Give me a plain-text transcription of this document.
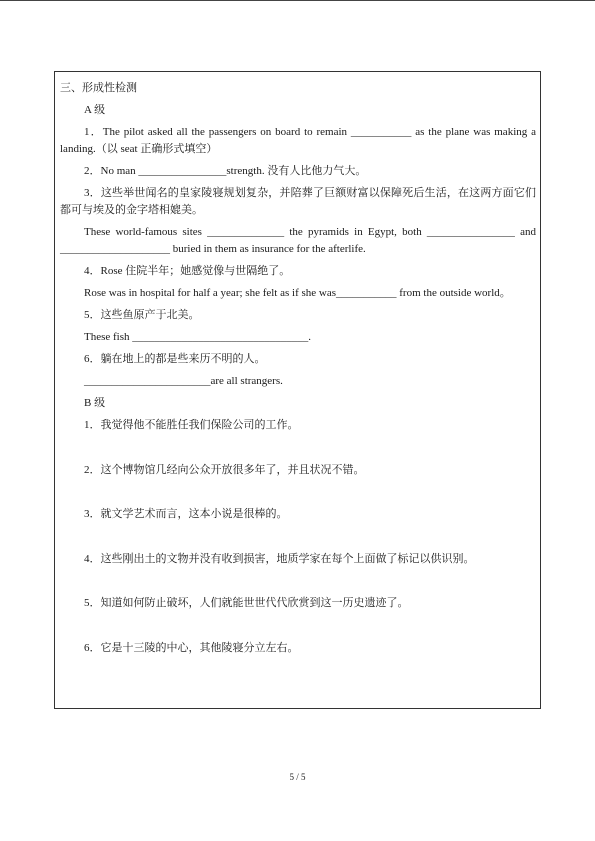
三、形成性检测

A 级

1．The pilot asked all the passengers on board to remain ___________ as the plane was making a landing.（以 seat 正确形式填空）

2．No man ________________strength. 没有人比他力气大。

3．这些举世闻名的皇家陵寝规划复杂，并陪葬了巨额财富以保障死后生活，在这两方面它们都可与埃及的金字塔相媲美。

These world-famous sites ______________ the pyramids in Egypt, both ________________ and ____________________ buried in them as insurance for the afterlife.

4．Rose 住院半年；她感觉像与世隔绝了。

Rose was in hospital for half a year; she felt as if she was___________ from the outside world。

5．这些鱼原产于北美。

These fish ________________________________.

6．躺在地上的都是些来历不明的人。

_______________________are all strangers.

B 级

1．我觉得他不能胜任我们保险公司的工作。

2．这个博物馆几经向公众开放很多年了，并且状况不错。

3．就文学艺术而言，这本小说是很棒的。

4．这些刚出土的文物并没有收到损害，地质学家在每个上面做了标记以供识别。

5．知道如何防止破坏，人们就能世世代代欣赏到这一历史遗迹了。

6．它是十三陵的中心，其他陵寝分立左右。

5 / 5
